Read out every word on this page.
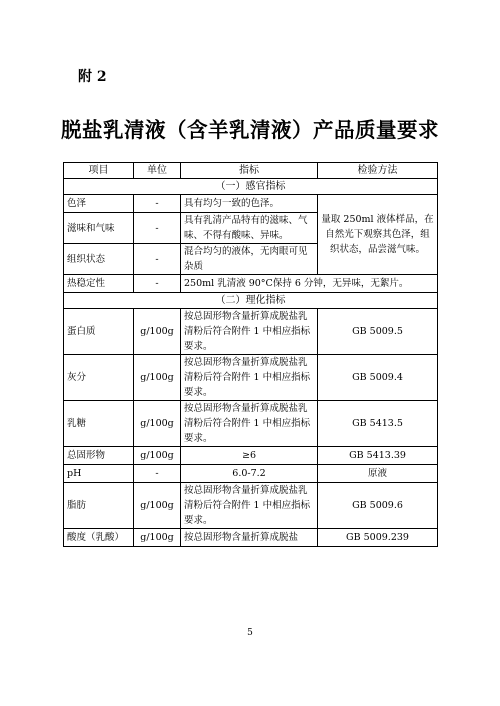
附 2
脱盐乳清液（含羊乳清液）产品质量要求
项目	单位	指标	检验方法
（一）感官指标			
色泽	-	具有均匀一致的色泽。	量取 250ml 液体样品，在自然光下观察其色泽，组织状态，品尝滋气味。
滋味和气味	-	具有乳清产品特有的滋味、气味、不得有酸味、异味。	
组织状态	-	混合均匀的液体，无肉眼可见杂质	
热稳定性	-	250ml 乳清液 90°C保持 6 分钟，无异味，无絮片。	
（二）理化指标			
蛋白质	g/100g	按总固形物含量折算成脱盐乳清粉后符合附件 1 中相应指标要求。	GB 5009.5
灰分	g/100g	按总固形物含量折算成脱盐乳清粉后符合附件 1 中相应指标要求。	GB 5009.4
乳糖	g/100g	按总固形物含量折算成脱盐乳清粉后符合附件 1 中相应指标要求。	GB 5413.5
总固形物	g/100g	≥6	GB 5413.39
pH	-	6.0-7.2	原液
脂肪	g/100g	按总固形物含量折算成脱盐乳清粉后符合附件 1 中相应指标要求。	GB 5009.6
酸度（乳酸）	g/100g	按总固形物含量折算成脱盐	GB 5009.239
5
